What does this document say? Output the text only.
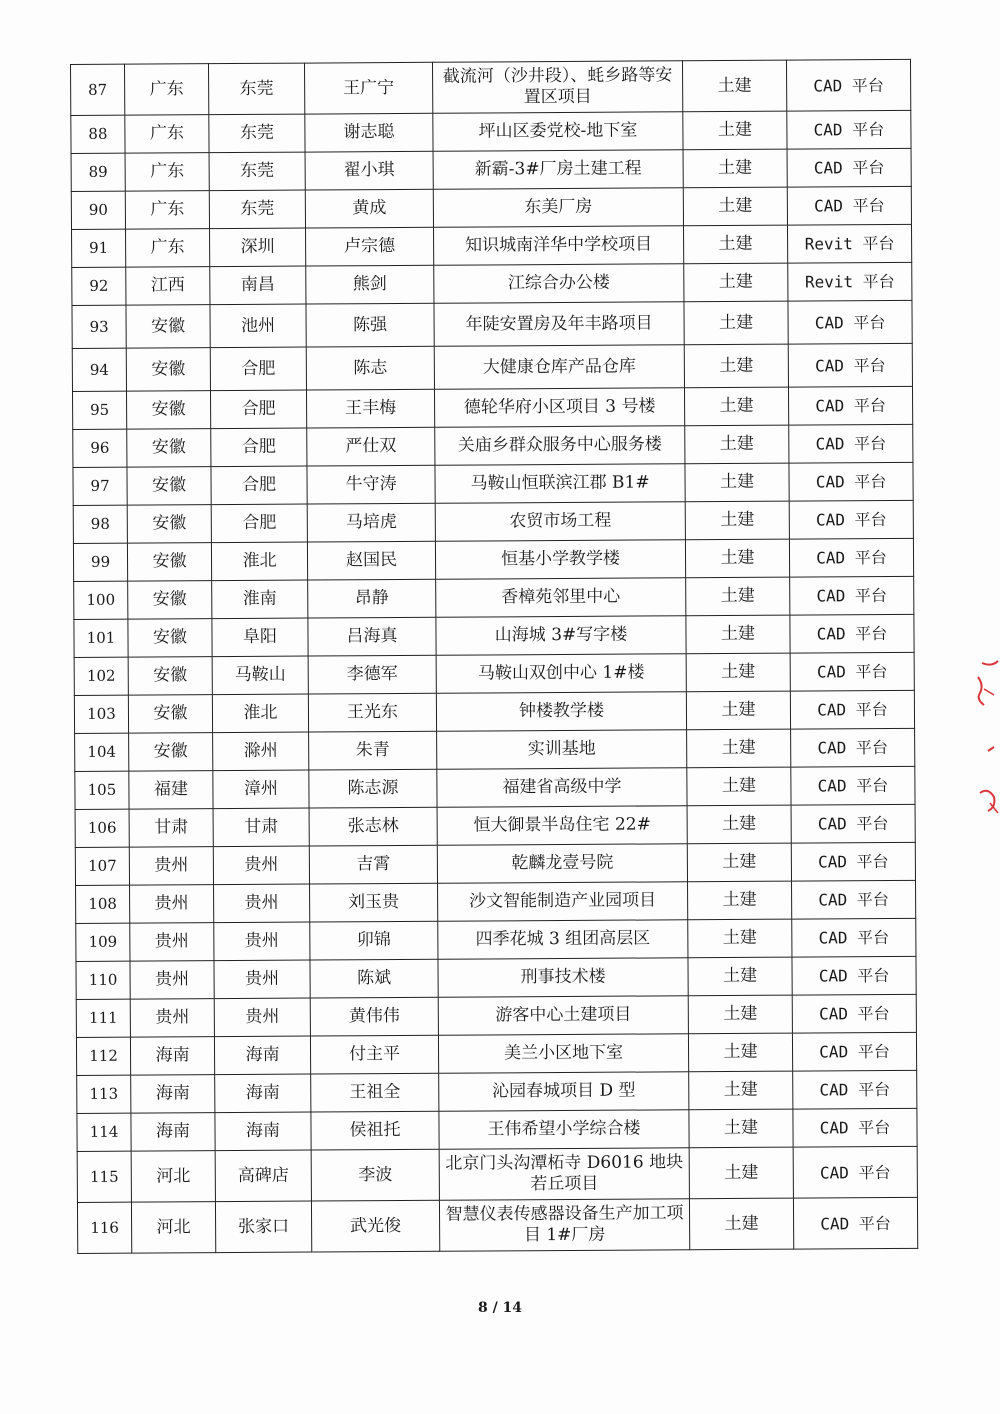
87	广东	东莞	王广宁	截流河（沙井段）、蚝乡路等安置区项目	土建	CAD 平台
88	广东	东莞	谢志聪	坪山区委党校-地下室	土建	CAD 平台
89	广东	东莞	翟小琪	新霸-3#厂房土建工程	土建	CAD 平台
90	广东	东莞	黄成	东美厂房	土建	CAD 平台
91	广东	深圳	卢宗德	知识城南洋华中学校项目	土建	Revit 平台
92	江西	南昌	熊剑	江综合办公楼	土建	Revit 平台
93	安徽	池州	陈强	年陡安置房及年丰路项目	土建	CAD 平台
94	安徽	合肥	陈志	大健康仓库产品仓库	土建	CAD 平台
95	安徽	合肥	王丰梅	德轮华府小区项目 3 号楼	土建	CAD 平台
96	安徽	合肥	严仕双	关庙乡群众服务中心服务楼	土建	CAD 平台
97	安徽	合肥	牛守涛	马鞍山恒联滨江郡 B1#	土建	CAD 平台
98	安徽	合肥	马培虎	农贸市场工程	土建	CAD 平台
99	安徽	淮北	赵国民	恒基小学教学楼	土建	CAD 平台
100	安徽	淮南	昂静	香樟苑邻里中心	土建	CAD 平台
101	安徽	阜阳	吕海真	山海城 3#写字楼	土建	CAD 平台
102	安徽	马鞍山	李德军	马鞍山双创中心 1#楼	土建	CAD 平台
103	安徽	淮北	王光东	钟楼教学楼	土建	CAD 平台
104	安徽	滁州	朱青	实训基地	土建	CAD 平台
105	福建	漳州	陈志源	福建省高级中学	土建	CAD 平台
106	甘肃	甘肃	张志林	恒大御景半岛住宅 22#	土建	CAD 平台
107	贵州	贵州	吉霄	乾麟龙壹号院	土建	CAD 平台
108	贵州	贵州	刘玉贵	沙文智能制造产业园项目	土建	CAD 平台
109	贵州	贵州	卯锦	四季花城 3 组团高层区	土建	CAD 平台
110	贵州	贵州	陈斌	刑事技术楼	土建	CAD 平台
111	贵州	贵州	黄伟伟	游客中心土建项目	土建	CAD 平台
112	海南	海南	付主平	美兰小区地下室	土建	CAD 平台
113	海南	海南	王祖全	沁园春城项目 D 型	土建	CAD 平台
114	海南	海南	侯祖托	王伟希望小学综合楼	土建	CAD 平台
115	河北	高碑店	李波	北京门头沟潭柘寺 D6016 地块若丘项目	土建	CAD 平台
116	河北	张家口	武光俊	智慧仪表传感器设备生产加工项目 1#厂房	土建	CAD 平台
8 / 14
